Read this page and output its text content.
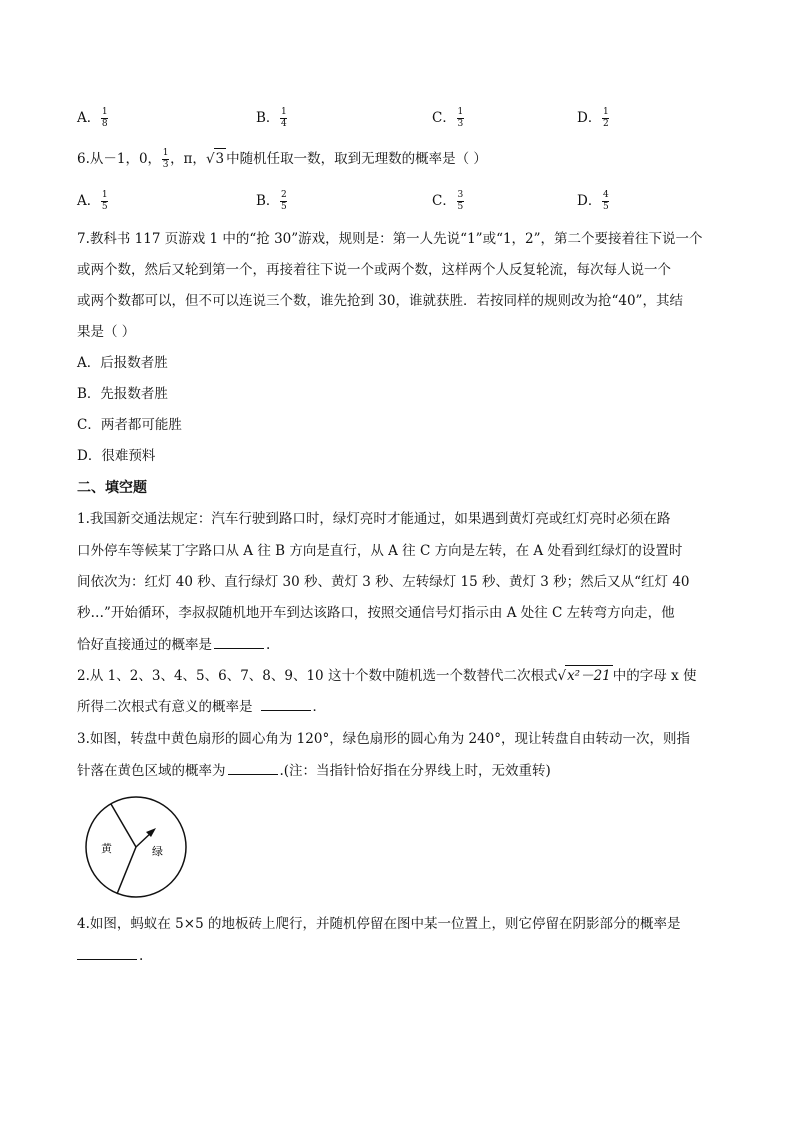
A． $\frac{1}{8}$	B． $\frac{1}{4}$	C． $\frac{1}{3}$	D． $\frac{1}{2}$
6.从－1，0， $\frac{1}{3}$ ，π，√3 中随机任取一数，取到无理数的概率是（ ）
A． $\frac{1}{5}$	B． $\frac{2}{5}$	C． $\frac{3}{5}$	D． $\frac{4}{5}$
7.教科书 117 页游戏 1 中的“抢 30”游戏，规则是：第一人先说“1”或“1，2”，第二个要接着往下说一个
或两个数，然后又轮到第一个，再接着往下说一个或两个数，这样两个人反复轮流，每次每人说一个
或两个数都可以，但不可以连说三个数，谁先抢到 30，谁就获胜．若按同样的规则改为抢“40”，其结
果是（ ）
A．后报数者胜
B．先报数者胜
C．两者都可能胜
D．很难预料
二、填空题
1.我国新交通法规定：汽车行驶到路口时，绿灯亮时才能通过，如果遇到黄灯亮或红灯亮时必须在路
口外停车等候某丁字路口从 A 往 B 方向是直行，从 A 往 C 方向是左转，在 A 处看到红绿灯的设置时
间依次为：红灯 40 秒、直行绿灯 30 秒、黄灯 3 秒、左转绿灯 15 秒、黄灯 3 秒；然后又从“红灯 40
秒…”开始循环，李叔叔随机地开车到达该路口，按照交通信号灯指示由 A 处往 C 左转弯方向走，他
恰好直接通过的概率是	.
2.从 1、2、3、4、5、6、7、8、9、10 这十个数中随机选一个数替代二次根式√x²－21 中的字母 x 使
所得二次根式有意义的概率是	．
3.如图，转盘中黄色扇形的圆心角为 120°，绿色扇形的圆心角为 240°，现让转盘自由转动一次，则指
针落在黄色区域的概率为	.(注：当指针恰好指在分界线上时，无效重转)
黄	绿
4.如图，蚂蚁在 5×5 的地板砖上爬行，并随机停留在图中某一位置上，则它停留在阴影部分的概率是
.
